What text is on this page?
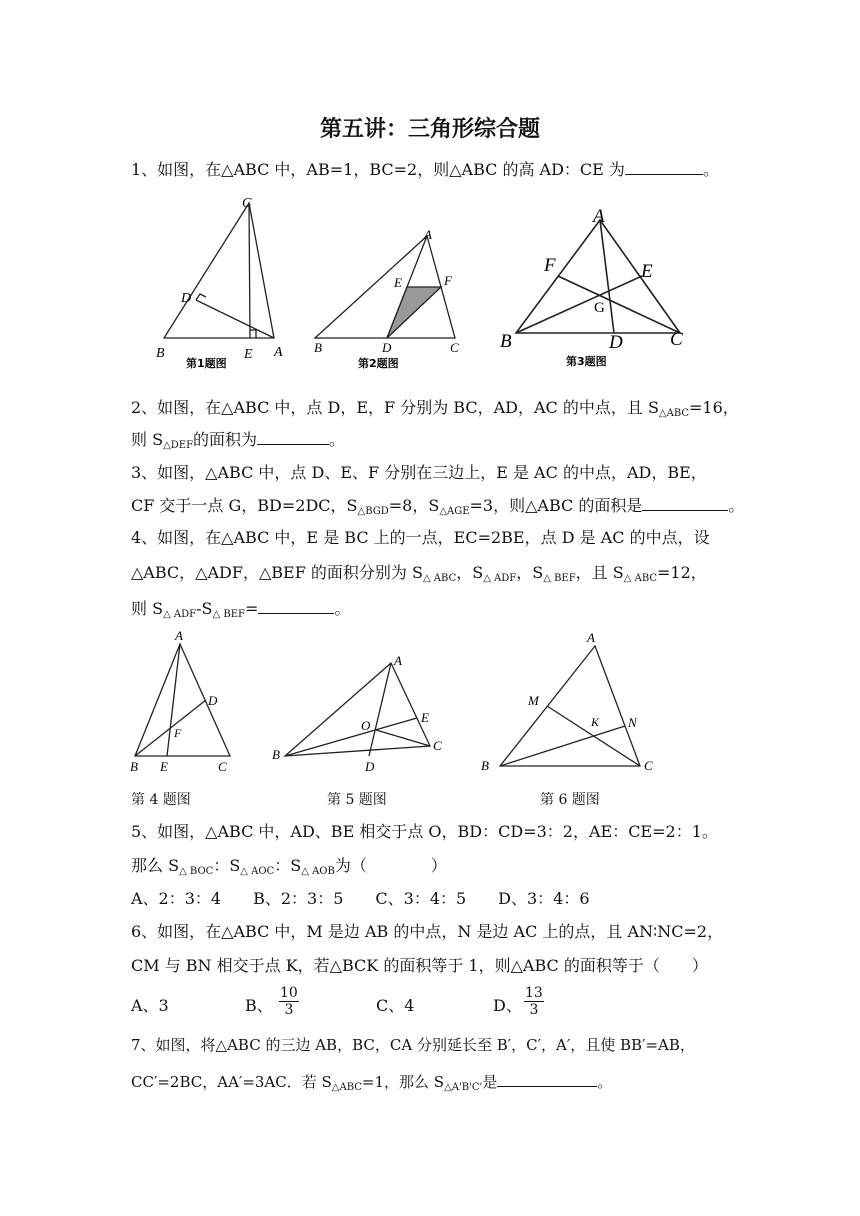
第五讲：三角形综合题
1、如图，在△ABC 中，AB=1，BC=2，则△ABC 的高 AD：CE 为	。
C
D
B	E A
第1题图
A
E	F
B	D	C
第2题图
A
F	E
G
B	D C
第3题图
2、如图，在△ABC 中，点 D，E，F 分别为 BC，AD，AC 的中点，且 $S_{\triangle ABC}=16$，
则 $S_{\triangle DEF}$的面积为	。
3、如图，△ABC 中，点 D、E、F 分别在三边上，E 是 AC 的中点，AD，BE，
CF 交于一点 G，BD=2DC，$S_{\triangle BGD}=8$，$S_{\triangle AGE}=3$，则△ABC 的面积是	。
4、如图，在△ABC 中，E 是 BC 上的一点，EC=2BE，点 D 是 AC 的中点，设
△ABC，△ADF，△BEF 的面积分别为 $S_{\triangle ABC}$，$S_{\triangle ADF}$，$S_{\triangle BEF}$，且 $S_{\triangle ABC}=12$，
则 $S_{\triangle ADF}-S_{\triangle BEF}=$	。
A
D
F
B E	C
A
E
O
C
B
D
A
M
K N
B	C
第 4 题图	第 5 题图	第 6 题图
5、如图，△ABC 中，AD、BE 相交于点 O，BD：CD=3：2，AE：CE=2：1。
那么 $S_{\triangle BOC}$：$S_{\triangle AOC}$：$S_{\triangle AOB}$为（　　　　）
A、2：3：4　　B、2：3：5　　C、3：4：5　　D、3：4：6
6、如图，在△ABC 中，M 是边 AB 的中点，N 是边 AC 上的点，且 AN∶NC=2，
CM 与 BN 相交于点 K，若△BCK 的面积等于 1，则△ABC 的面积等于（　　）
A、3	B、 $\frac{10}{3}$	C、4	D、 $\frac{13}{3}$
7、如图，将△ABC 的三边 AB，BC，CA 分别延长至 B′，C′，A′，且使 BB′=AB，
CC′=2BC，AA′=3AC．若 $S_{\triangle ABC}=1$，那么 $S_{\triangle A'B'C'}$是	。
